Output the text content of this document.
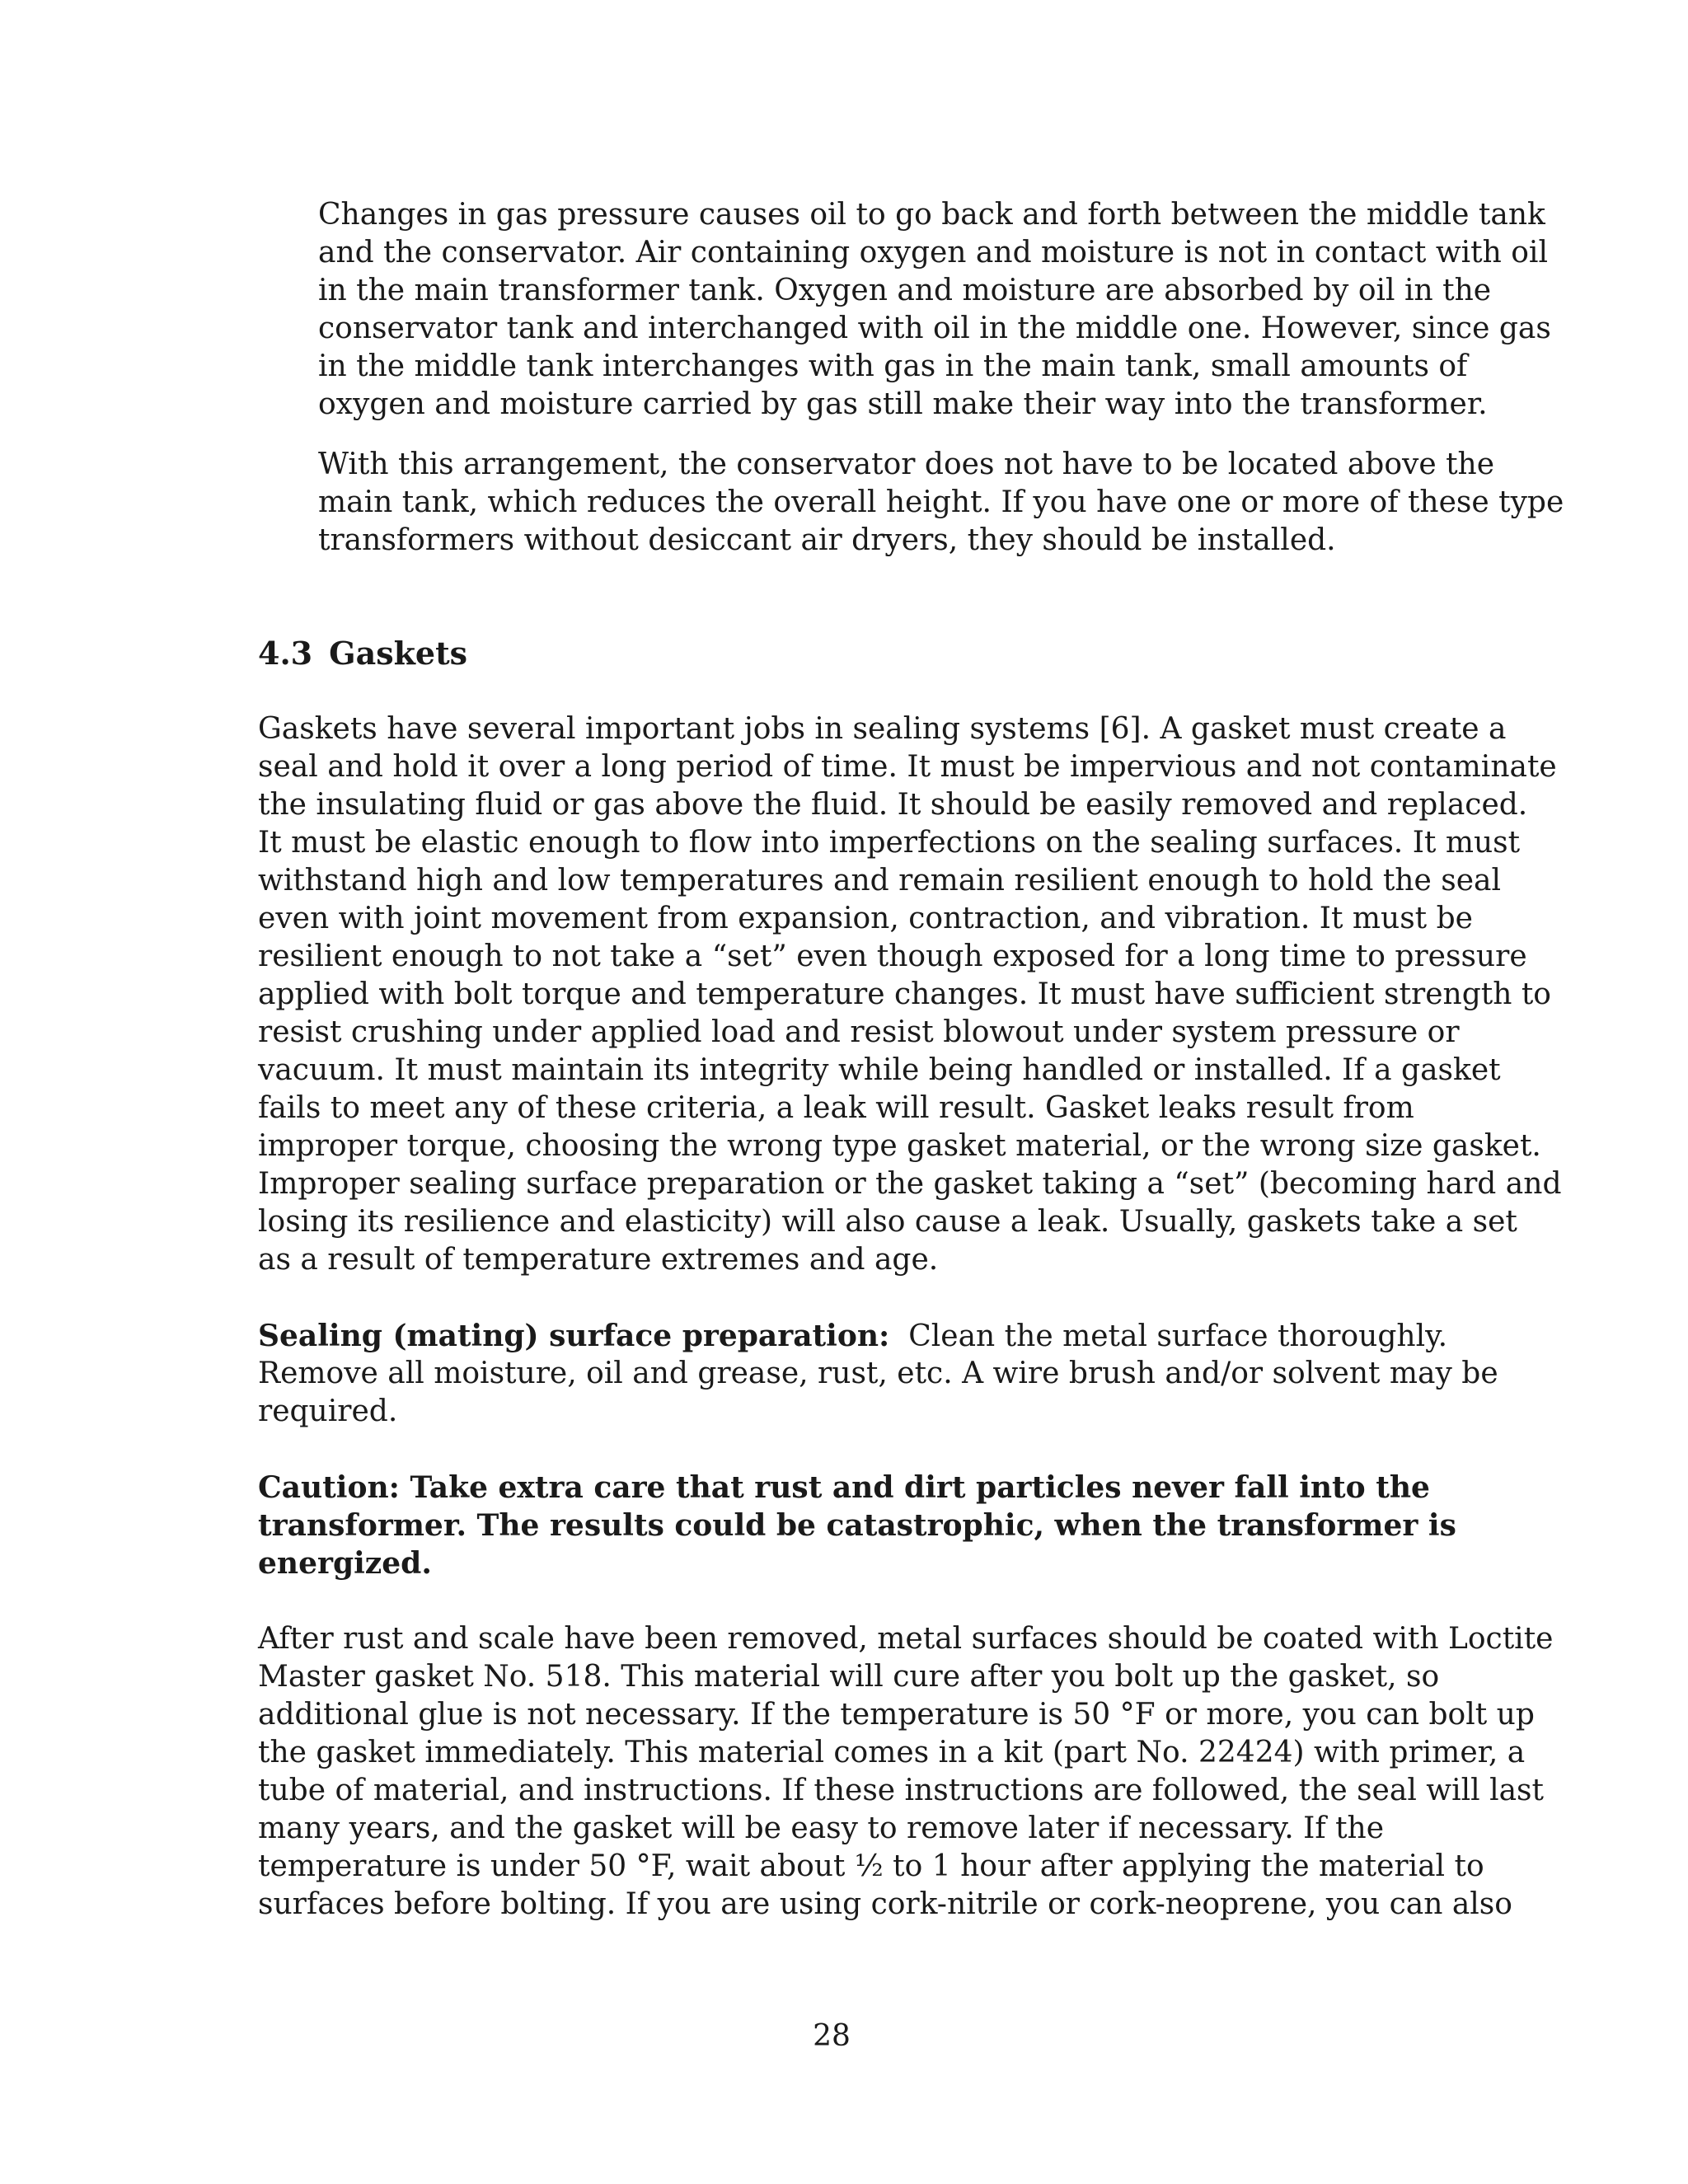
Changes in gas pressure causes oil to go back and forth between the middle tank
and the conservator. Air containing oxygen and moisture is not in contact with oil
in the main transformer tank. Oxygen and moisture are absorbed by oil in the
conservator tank and interchanged with oil in the middle one. However, since gas
in the middle tank interchanges with gas in the main tank, small amounts of
oxygen and moisture carried by gas still make their way into the transformer.

With this arrangement, the conservator does not have to be located above the
main tank, which reduces the overall height. If you have one or more of these type
transformers without desiccant air dryers, they should be installed.

4.3 Gaskets

Gaskets have several important jobs in sealing systems [6]. A gasket must create a
seal and hold it over a long period of time. It must be impervious and not contaminate
the insulating fluid or gas above the fluid. It should be easily removed and replaced.
It must be elastic enough to flow into imperfections on the sealing surfaces. It must
withstand high and low temperatures and remain resilient enough to hold the seal
even with joint movement from expansion, contraction, and vibration. It must be
resilient enough to not take a “set” even though exposed for a long time to pressure
applied with bolt torque and temperature changes. It must have sufficient strength to
resist crushing under applied load and resist blowout under system pressure or
vacuum. It must maintain its integrity while being handled or installed. If a gasket
fails to meet any of these criteria, a leak will result. Gasket leaks result from
improper torque, choosing the wrong type gasket material, or the wrong size gasket.
Improper sealing surface preparation or the gasket taking a “set” (becoming hard and
losing its resilience and elasticity) will also cause a leak. Usually, gaskets take a set
as a result of temperature extremes and age.

Sealing (mating) surface preparation:  Clean the metal surface thoroughly.
Remove all moisture, oil and grease, rust, etc. A wire brush and/or solvent may be
required.

Caution: Take extra care that rust and dirt particles never fall into the
transformer. The results could be catastrophic, when the transformer is
energized.

After rust and scale have been removed, metal surfaces should be coated with Loctite
Master gasket No. 518. This material will cure after you bolt up the gasket, so
additional glue is not necessary. If the temperature is 50 °F or more, you can bolt up
the gasket immediately. This material comes in a kit (part No. 22424) with primer, a
tube of material, and instructions. If these instructions are followed, the seal will last
many years, and the gasket will be easy to remove later if necessary. If the
temperature is under 50 °F, wait about ½ to 1 hour after applying the material to
surfaces before bolting. If you are using cork-nitrile or cork-neoprene, you can also

28
